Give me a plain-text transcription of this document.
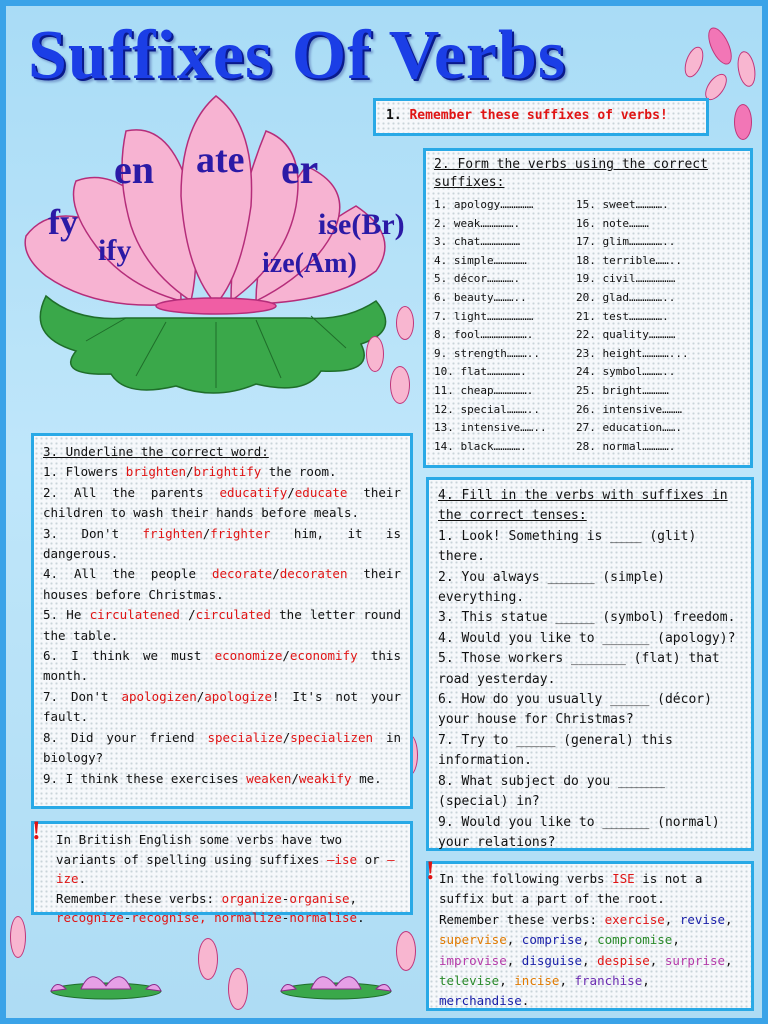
Suffixes Of Verbs
en ate er
fy
ify
ise(Br)
ize(Am)
1. Remember these suffixes of verbs!

2. Form the verbs using the correct suffixes:

1. apology……………
2. weak…………….
3. chat………………
4. simple……………
5. décor………….
6. beauty………..
7. light…………………
8. fool………………….
9. strength………..
10. flat…………….
11. cheap…………….
12. special………..
13. intensive……..
14. black………….
15. sweet………….
16. note………
17. glim……………..
18. terrible……..
19. civil………………
20. glad……………..
21. test…………….
22. quality…………
23. height…………...
24. symbol………..
25. bright…………
26. intensive………
27. education…….
28. normal………….

3. Underline the correct word:

1. Flowers brighten/brightify the room.

2. All the parents educatify/educate their children to wash their hands before meals.

3. Don't frighten/frighter him, it is dangerous.

4. All the people decorate/decoraten their houses before Christmas.

5. He circulatened /circulated the letter round the table.

6. I think we must economize/economify this month.

7. Don't apologizen/apologize! It's not your fault.

8. Did your friend specialize/specializen in biology?

9. I think these exercises weaken/weakify me.

4. Fill in the verbs with suffixes in the correct tenses:

1. Look! Something is ____ (glit) there.

2. You always ______ (simple) everything.

3. This statue _____ (symbol) freedom.

4. Would you like to ______ (apology)?

5. Those workers _______ (flat) that road yesterday.

6. How do you usually _____ (décor) your house for Christmas?

7. Try to _____ (general) this information.

8. What subject do you ______ (special) in?

9. Would you like to ______ (normal) your relations?

In British English some verbs have two variants of spelling using suffixes –ise or –ize.

Remember these verbs: organize-organise, recognize-recognise, normalize-normalise.

!

In the following verbs ISE is not a suffix but a part of the root.

Remember these verbs: exercise, revise, supervise, comprise, compromise, improvise, disguise, despise, surprise, televise, incise, franchise, merchandise.

!
